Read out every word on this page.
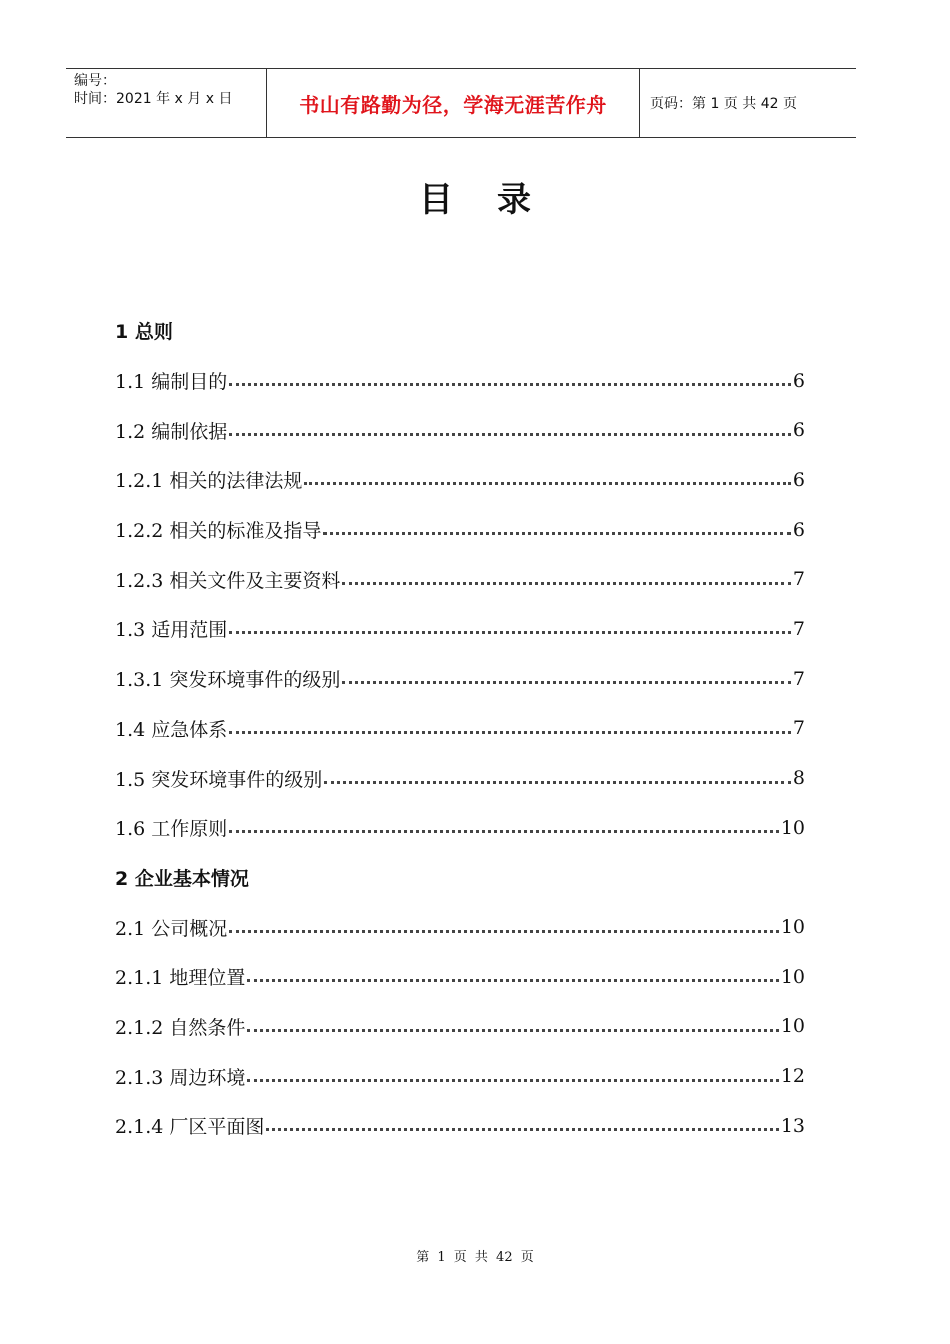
编号：
时间：2021 年 x 月 x 日	书山有路勤为径，学海无涯苦作舟	页码：第 1 页 共 42 页
目录
1 总则
1.1 编制目的	6
1.2 编制依据	6
1.2.1 相关的法律法规	6
1.2.2 相关的标准及指导	6
1.2.3 相关文件及主要资料	7
1.3 适用范围	7
1.3.1 突发环境事件的级别	7
1.4 应急体系	7
1.5 突发环境事件的级别	8
1.6 工作原则	10
2 企业基本情况
2.1 公司概况	10
2.1.1 地理位置	10
2.1.2 自然条件	10
2.1.3 周边环境	12
2.1.4 厂区平面图	13
第 1 页 共 42 页
